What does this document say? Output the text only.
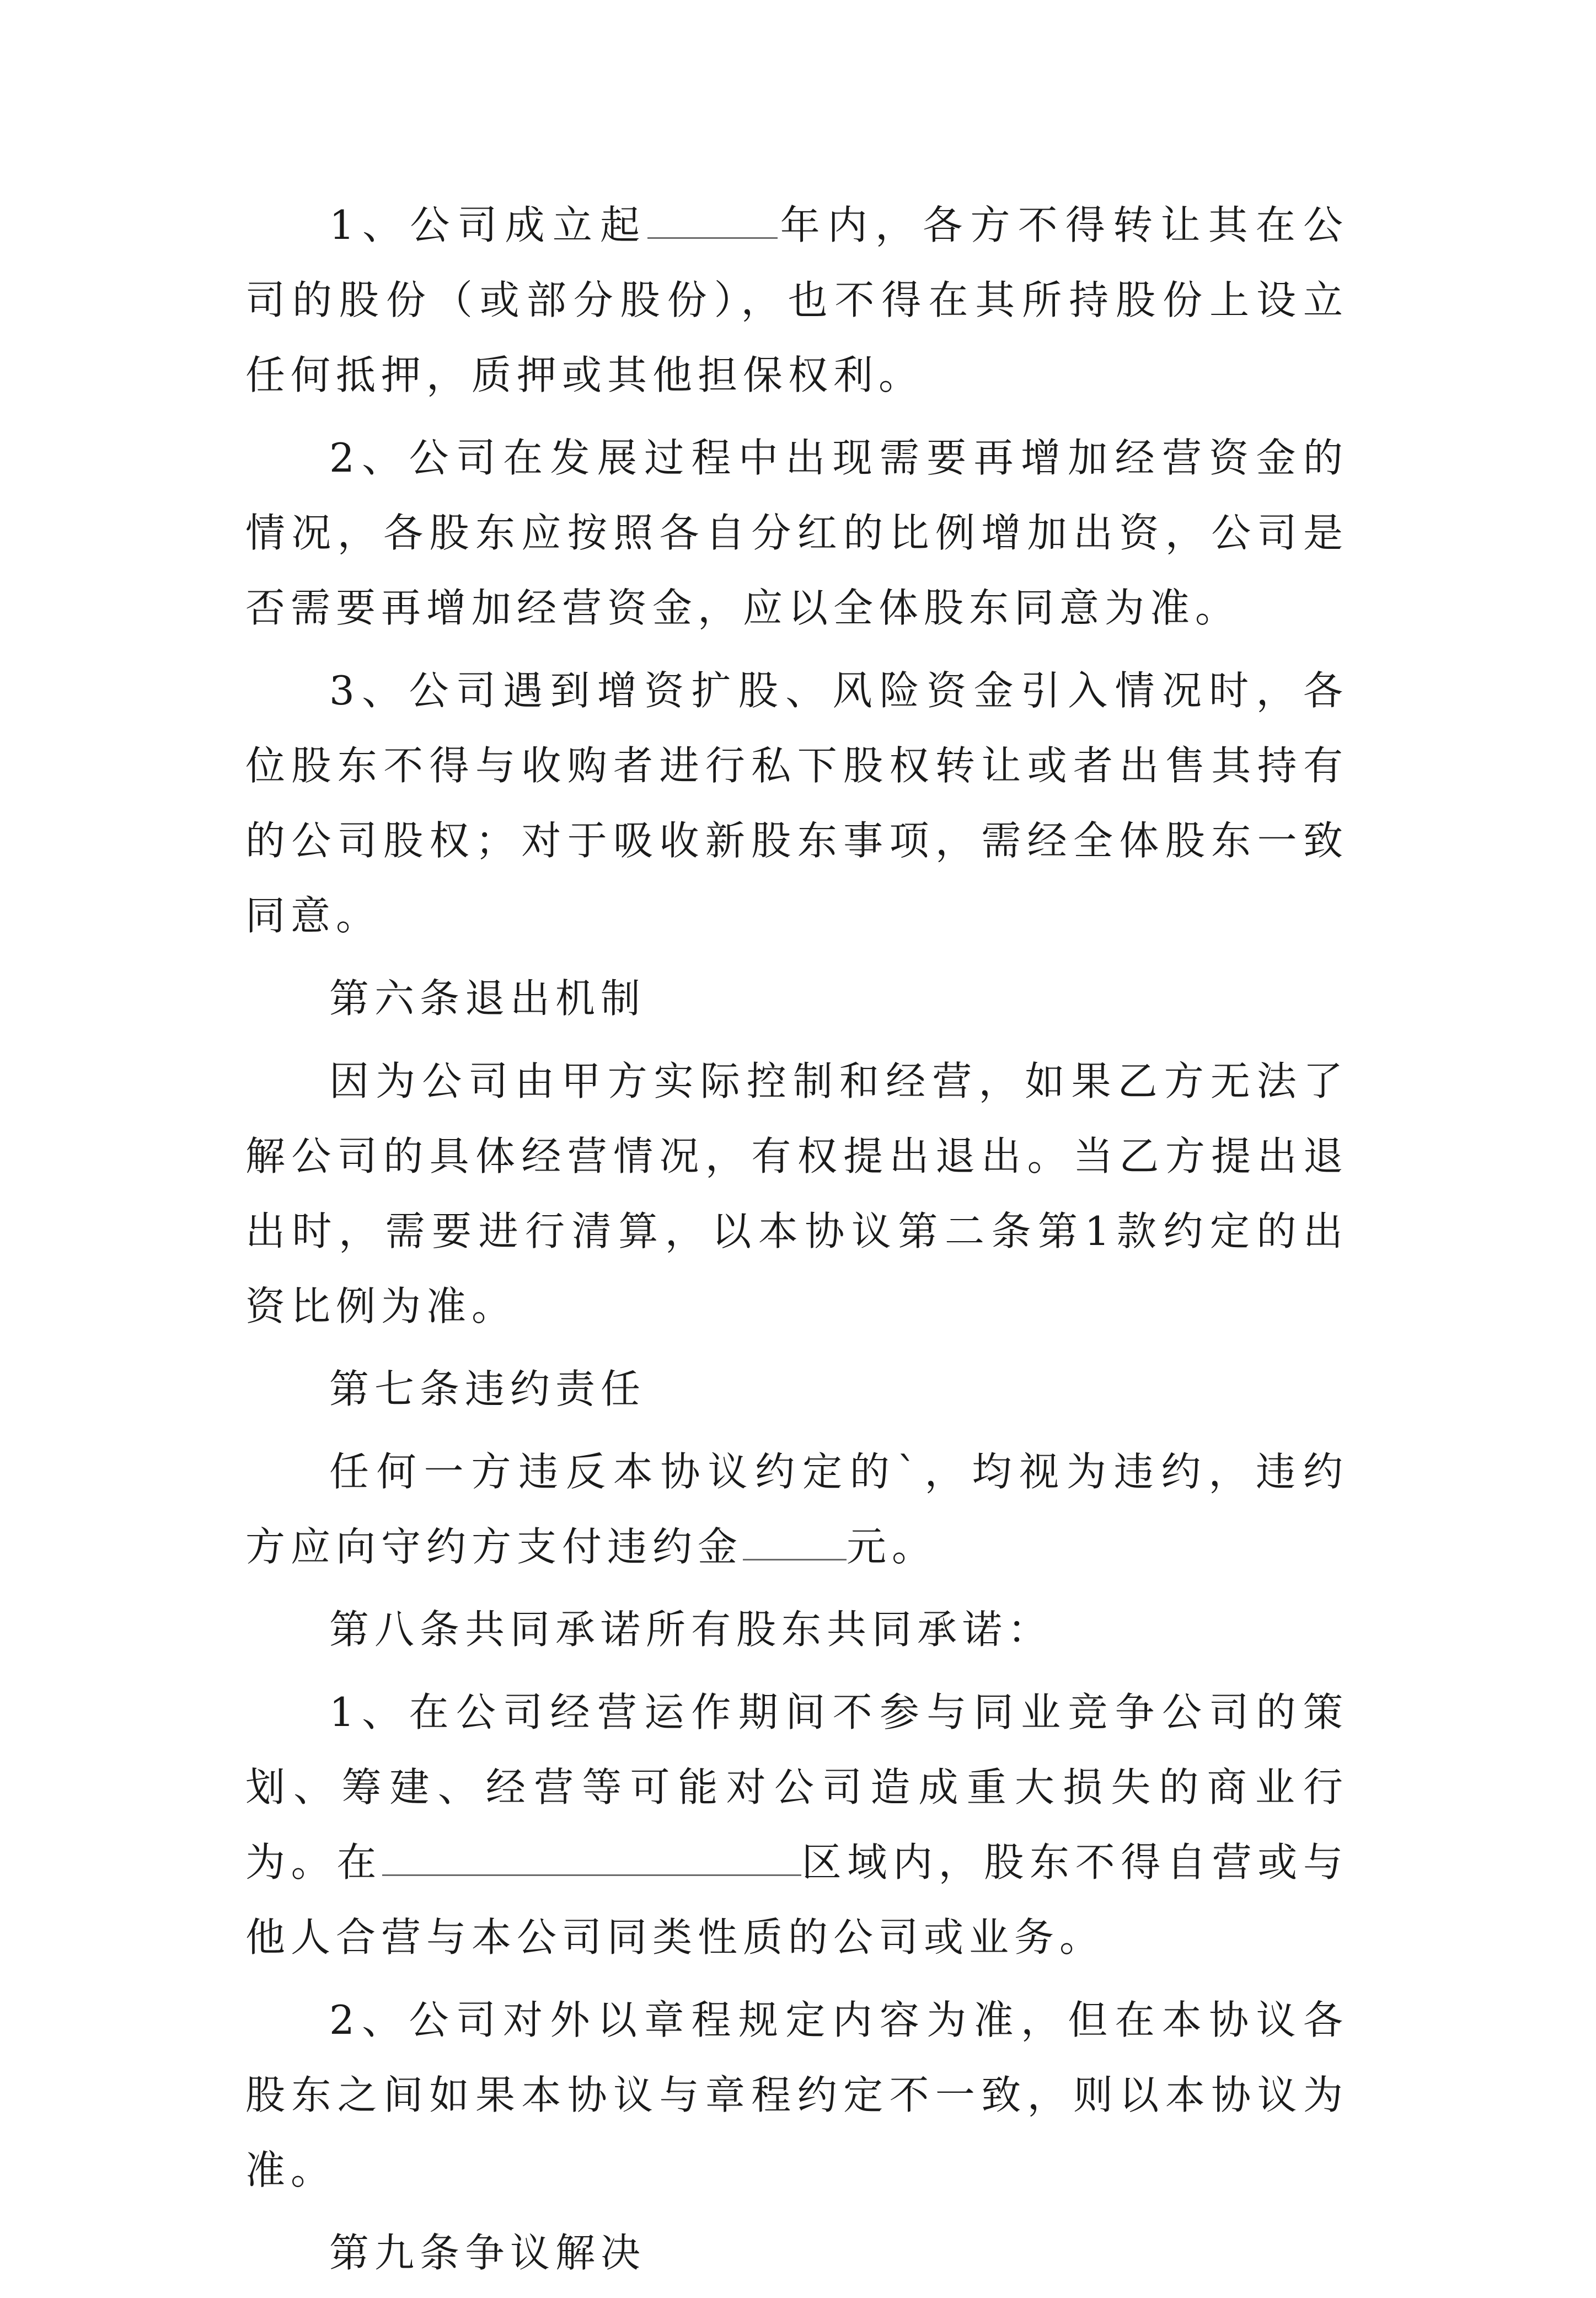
1、公司成立起	年内，各方不得转让其在公司的股份（或部分股份），也不得在其所持股份上设立任何抵押，质押或其他担保权利。

2、公司在发展过程中出现需要再增加经营资金的情况，各股东应按照各自分红的比例增加出资，公司是否需要再增加经营资金，应以全体股东同意为准。

3、公司遇到增资扩股、风险资金引入情况时，各位股东不得与收购者进行私下股权转让或者出售其持有的公司股权；对于吸收新股东事项，需经全体股东一致同意。

第六条退出机制

因为公司由甲方实际控制和经营，如果乙方无法了解公司的具体经营情况，有权提出退出。当乙方提出退出时，需要进行清算，以本协议第二条第1款约定的出资比例为准。

第七条违约责任

任何一方违反本协议约定的`，均视为违约，违约方应向守约方支付违约金	元。

第八条共同承诺所有股东共同承诺：

1、在公司经营运作期间不参与同业竞争公司的策划、筹建、经营等可能对公司造成重大损失的商业行为。在	区域内，股东不得自营或与他人合营与本公司同类性质的公司或业务。

2、公司对外以章程规定内容为准，但在本协议各股东之间如果本协议与章程约定不一致，则以本协议为准。

第九条争议解决
